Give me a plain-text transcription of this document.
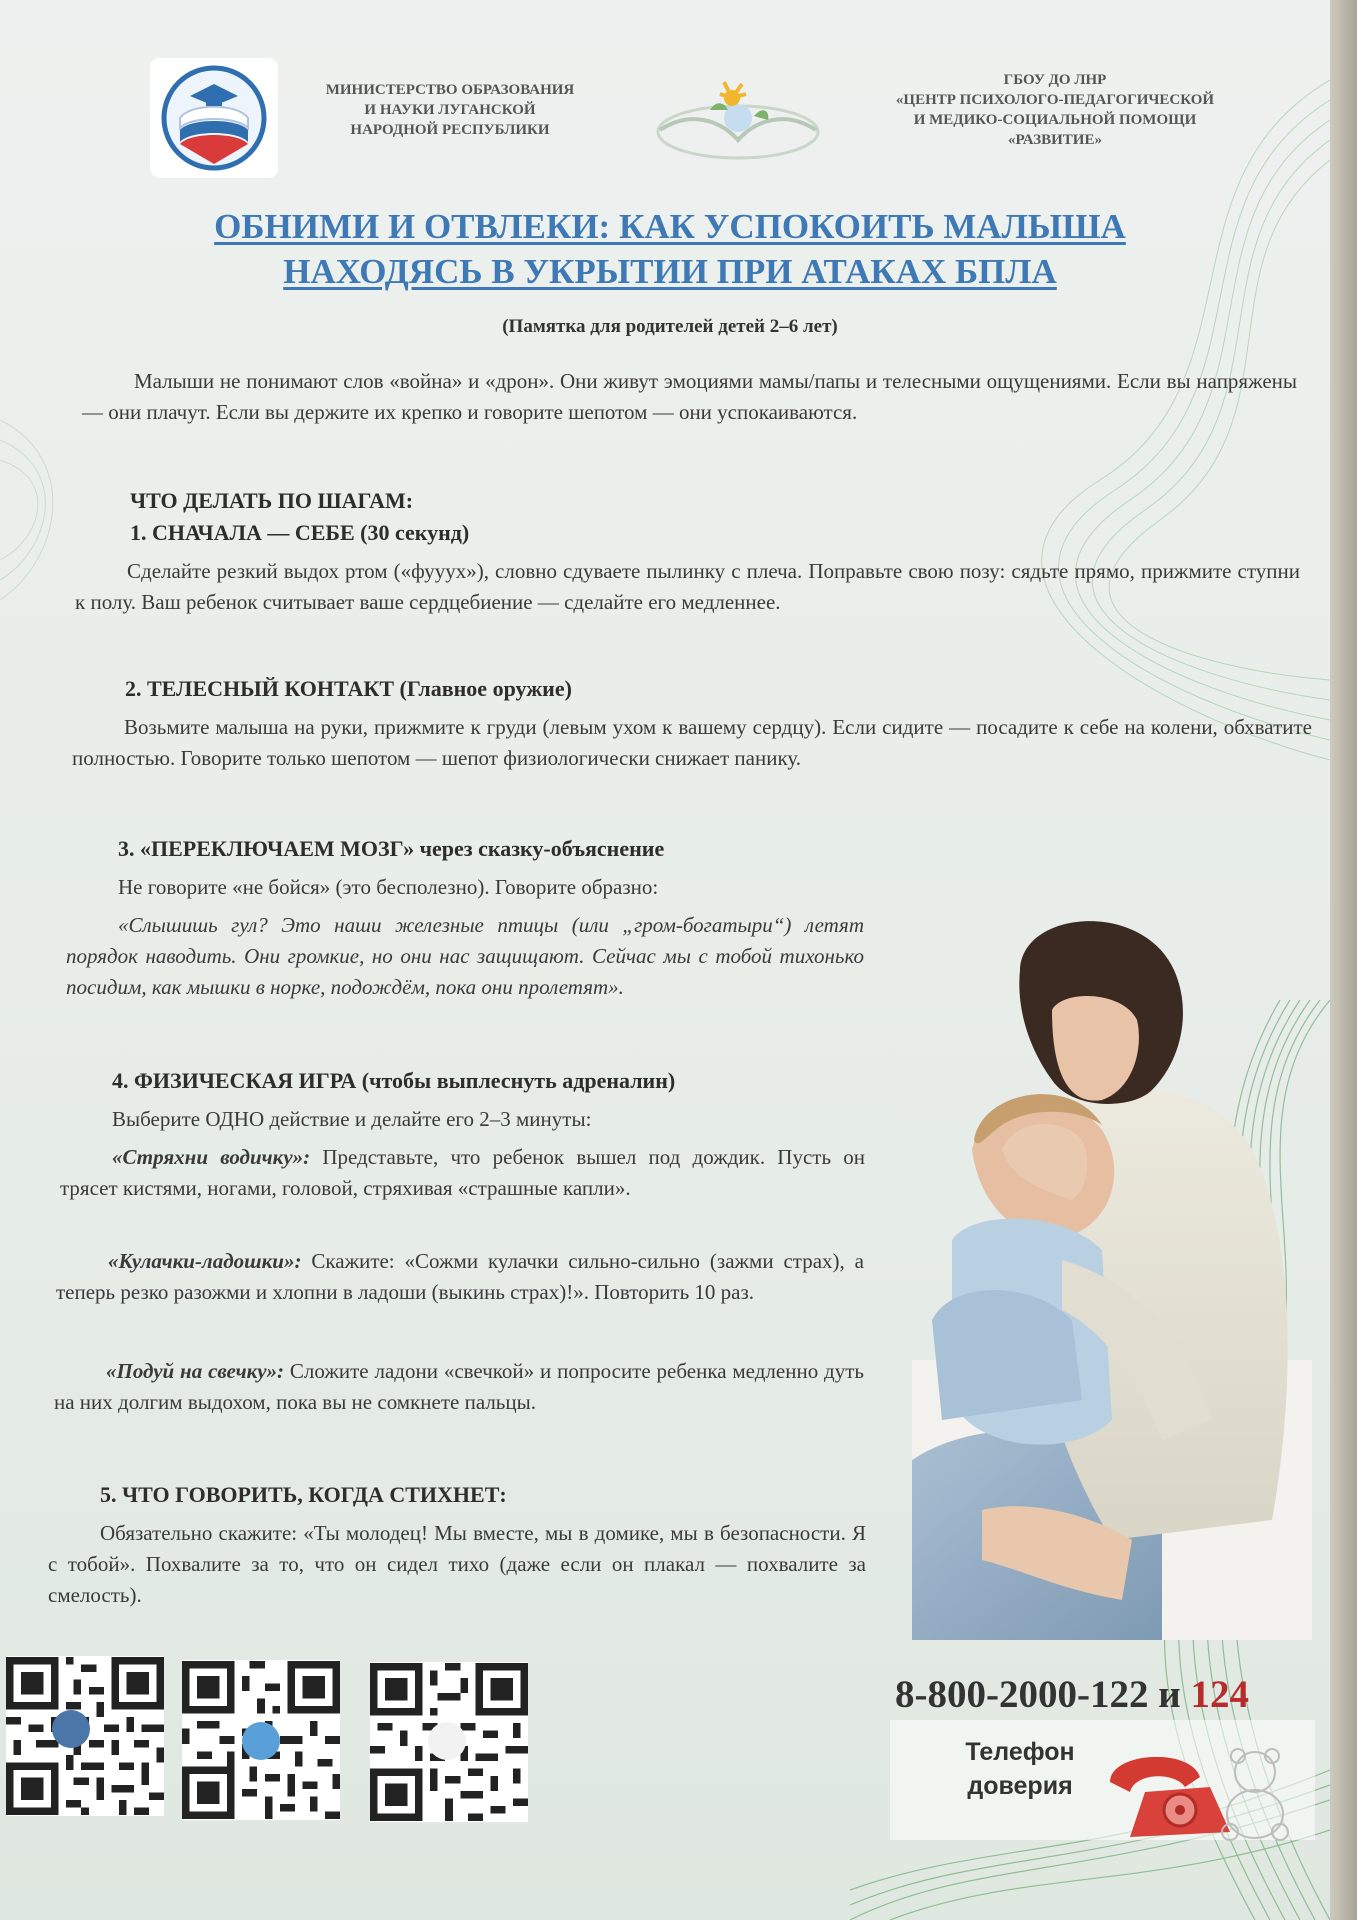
МИНИСТЕРСТВО ОБРАЗОВАНИЯ
И НАУКИ ЛУГАНСКОЙ
НАРОДНОЙ РЕСПУБЛИКИ
ГБОУ ДО ЛНР
«ЦЕНТР ПСИХОЛОГО-ПЕДАГОГИЧЕСКОЙ
И МЕДИКО-СОЦИАЛЬНОЙ ПОМОЩИ
«РАЗВИТИЕ»
ОБНИМИ И ОТВЛЕКИ: КАК УСПОКОИТЬ МАЛЫША
НАХОДЯСЬ В УКРЫТИИ ПРИ АТАКАХ БПЛА
(Памятка для родителей детей 2–6 лет)
Малыши не понимают слов «война» и «дрон». Они живут эмоциями мамы/папы и телесными ощущениями. Если вы напряжены — они плачут. Если вы держите их крепко и говорите шепотом — они успокаиваются.
ЧТО ДЕЛАТЬ ПО ШАГАМ:
1. СНАЧАЛА — СЕБЕ (30 секунд)
Сделайте резкий выдох ртом («фууух»), словно сдуваете пылинку с плеча. Поправьте свою позу: сядьте прямо, прижмите ступни к полу. Ваш ребенок считывает ваше сердцебиение — сделайте его медленнее.
2. ТЕЛЕСНЫЙ КОНТАКТ (Главное оружие)
Возьмите малыша на руки, прижмите к груди (левым ухом к вашему сердцу). Если сидите — посадите к себе на колени, обхватите полностью. Говорите только шепотом — шепот физиологически снижает панику.
3. «ПЕРЕКЛЮЧАЕМ МОЗГ» через сказку-объяснение
Не говорите «не бойся» (это бесполезно). Говорите образно:
«Слышишь гул? Это наши железные птицы (или „гром-богатыри“) летят порядок наводить. Они громкие, но они нас защищают. Сейчас мы с тобой тихонько посидим, как мышки в норке, подождём, пока они пролетят».
4. ФИЗИЧЕСКАЯ ИГРА (чтобы выплеснуть адреналин)
Выберите ОДНО действие и делайте его 2–3 минуты:
«Стряхни водичку»: Представьте, что ребенок вышел под дождик. Пусть он трясет кистями, ногами, головой, стряхивая «страшные капли».
«Кулачки-ладошки»: Скажите: «Сожми кулачки сильно-сильно (зажми страх), а теперь резко разожми и хлопни в ладоши (выкинь страх)!». Повторить 10 раз.
«Подуй на свечку»: Сложите ладони «свечкой» и попросите ребенка медленно дуть на них долгим выдохом, пока вы не сомкнете пальцы.
5. ЧТО ГОВОРИТЬ, КОГДА СТИХНЕТ:
Обязательно скажите: «Ты молодец! Мы вместе, мы в домике, мы в безопасности. Я с тобой». Похвалите за то, что он сидел тихо (даже если он плакал — похвалите за смелость).
8-800-2000-122 и 124
Телефон
доверия
